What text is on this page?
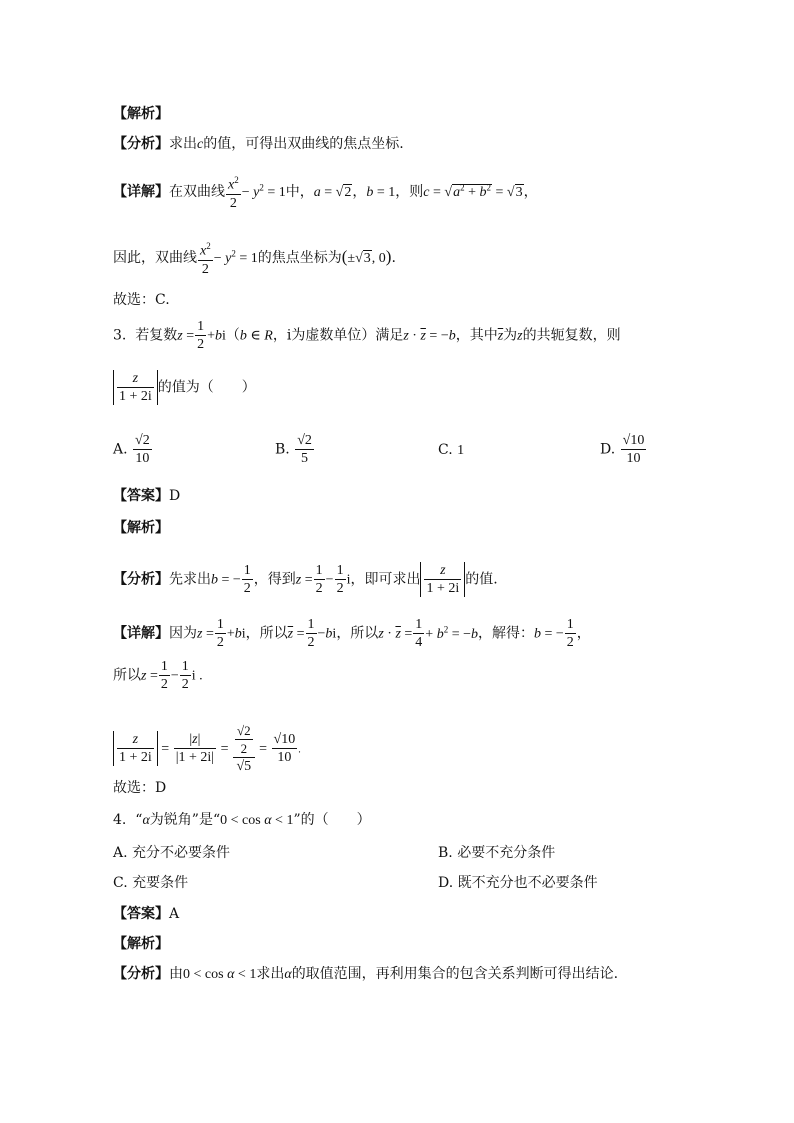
【解析】
【分析】求出c的值，可得出双曲线的焦点坐标.
【详解】在双曲线 $\frac{x^2}{2} - y^2 = 1$中，a = √2，b = 1，则$c = √a^2 + b^2 = √3$，
因此，双曲线 $\frac{x^2}{2} - y^2 = 1$的焦点坐标为(±√3, 0).
故选：C.
3. 若复数$z = \frac{1}{2} +bi(b$ ∈ R，i为虚数单位）满足$z \cdot \overline{z} = -b$，其中$\overline{z}$为z的共轭复数，则
$\frac{z}{1 + 2i}$ 的值为（　　）
A. $\frac{√2}{10}$	B. $\frac{√2}{5}$	C. 1	D. $\frac{√10}{10}$
【答案】D
【解析】
【分析】先求出b = − $\frac{1}{2}$ ，得到$z = \frac{1}{2} - \frac{1}{2}$ i，即可求出 $\frac{z}{1 + 2i}$ 的值.
【详解】因为$z = \frac{1}{2} +bi$，所以$\overline{z} = \frac{1}{2} -bi$，所以$z \cdot \overline{z} = \frac{1}{4} + b^2 = -b$，解得：b = − $\frac{1}{2}$ ，
所以$z = \frac{1}{2} - \frac{1}{2}$ i .
$\frac{z}{1 + 2i} = \frac{|z|}{|1 + 2i|} = \frac{\frac{√2}{2}}{√5} = \frac{√10}{10}$ .
故选：D
4. “α为锐角”是“0 < cos α < 1”的（　　）
A. 充分不必要条件	B. 必要不充分条件
C. 充要条件	D. 既不充分也不必要条件
【答案】A
【解析】
【分析】由0 < cos α < 1求出α的取值范围，再利用集合的包含关系判断可得出结论.
